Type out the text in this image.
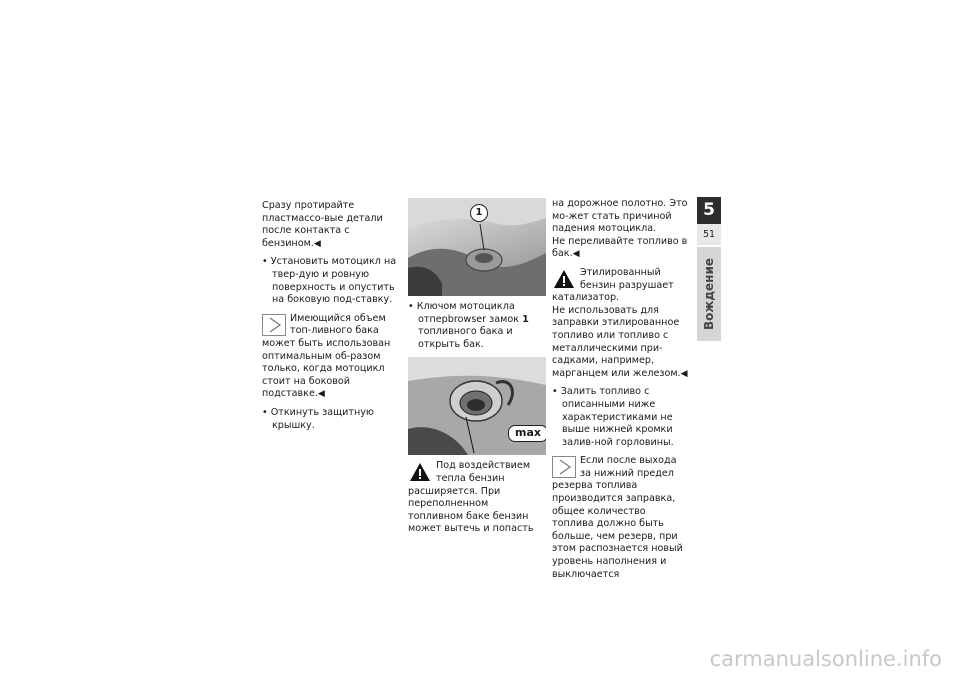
Сразу протирайте пластмассо-вые детали после контакта с бензином.◀

• Установить мотоцикл на твер-дую и ровную поверхность и опустить на боковую под-ставку.

Имеющийся объем топ-ливного бака может быть использован оптимальным об-разом только, когда мотоцикл стоит на боковой подставке.◀

• Откинуть защитную крышку.

1

• Ключом мотоцикла отперbrowser замок 1 топливного бака и открыть бак.

max
Под воздействием тепла бензин расширяется. При переполненном топливном баке бензин может вытечь и попасть

на дорожное полотно. Это мо-жет стать причиной падения мотоцикла.

Не переливайте топливо в бак.◀

Этилированный бензин разрушает катализатор.

Не использовать для заправки этилированное топливо или топливо с металлическими при-садками, например, марганцем или железом.◀

• Залить топливо с описанными ниже характеристиками не выше нижней кромки залив-ной горловины.

Если после выхода за нижний предел резерва топлива производится заправка, общее количество топлива должно быть больше, чем резерв, при этом распознается новый уровень наполнения и выключается
5
51
Вождение
carmanualsonline.info
